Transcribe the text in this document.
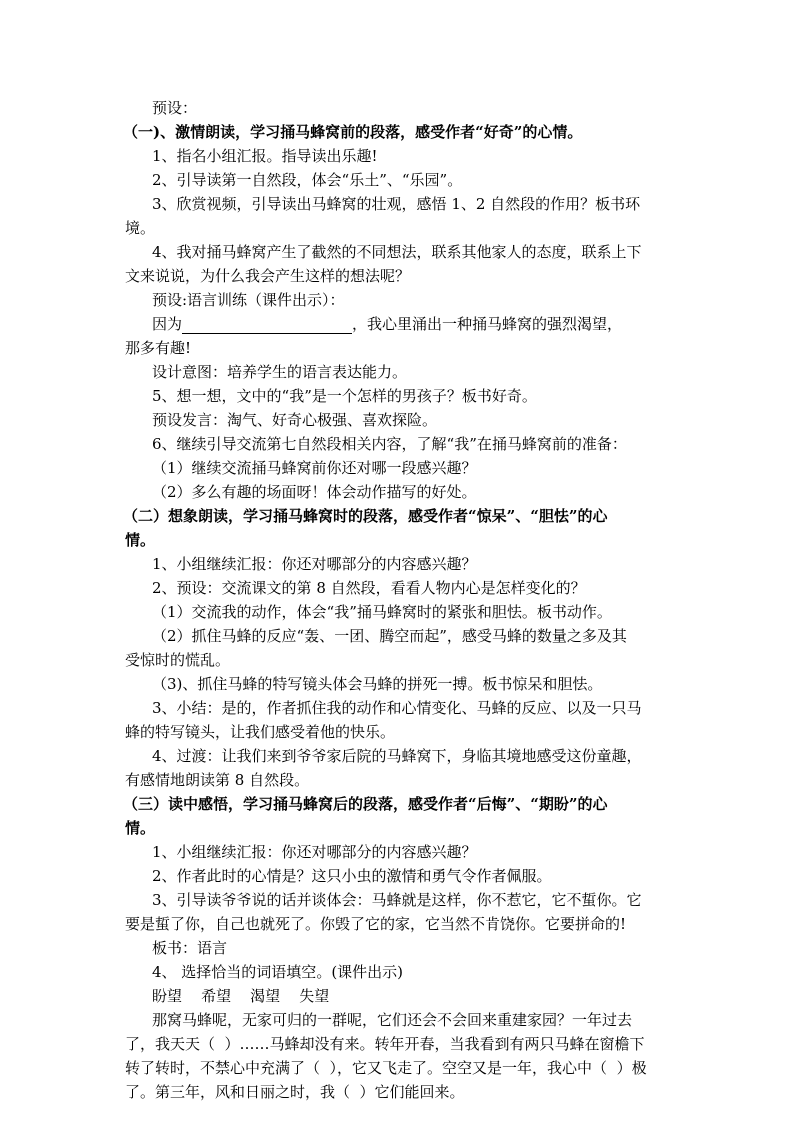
预设：
（一)、激情朗读，学习捅马蜂窝前的段落，感受作者“好奇”的心情。
1、指名小组汇报。指导读出乐趣!
2、引导读第一自然段，体会“乐土”、“乐园”。
3、欣赏视频，引导读出马蜂窝的壮观，感悟 1、2 自然段的作用？板书环
境。
4、我对捅马蜂窝产生了截然的不同想法，联系其他家人的态度，联系上下
文来说说，为什么我会产生这样的想法呢？
预设:语言训练（课件出示）：
因为	，我心里涌出一种捅马蜂窝的强烈渴望，
那多有趣!
设计意图：培养学生的语言表达能力。
5、想一想，文中的“我”是一个怎样的男孩子？板书好奇。
预设发言：淘气、好奇心极强、喜欢探险。
6、继续引导交流第七自然段相关内容，了解“我”在捅马蜂窝前的准备：
（1）继续交流捅马蜂窝前你还对哪一段感兴趣？
（2）多么有趣的场面呀！体会动作描写的好处。
（二）想象朗读，学习捅马蜂窝时的段落，感受作者“惊呆”、“胆怯”的心
情。
1、小组继续汇报：你还对哪部分的内容感兴趣？
2、预设：交流课文的第 8 自然段，看看人物内心是怎样变化的？
（1）交流我的动作，体会“我”捅马蜂窝时的紧张和胆怯。板书动作。
（2）抓住马蜂的反应“轰、一团、腾空而起”，感受马蜂的数量之多及其
受惊时的慌乱。
（3)、抓住马蜂的特写镜头体会马蜂的拼死一搏。板书惊呆和胆怯。
3、小结：是的，作者抓住我的动作和心情变化、马蜂的反应、以及一只马
蜂的特写镜头，让我们感受着他的快乐。
4、过渡：让我们来到爷爷家后院的马蜂窝下，身临其境地感受这份童趣，
有感情地朗读第 8 自然段。
（三）读中感悟，学习捅马蜂窝后的段落，感受作者“后悔”、“期盼”的心
情。
1、小组继续汇报：你还对哪部分的内容感兴趣？
2、作者此时的心情是？这只小虫的激情和勇气令作者佩服。
3、引导读爷爷说的话并谈体会：马蜂就是这样，你不惹它，它不蜇你。它
要是蜇了你，自己也就死了。你毁了它的家，它当然不肯饶你。它要拼命的!
板书：语言
4、 选择恰当的词语填空。(课件出示)
盼望    希望    渴望    失望
那窝马蜂呢，无家可归的一群呢，它们还会不会回来重建家园？一年过去
了，我天天（  ）……马蜂却没有来。转年开春，当我看到有两只马蜂在窗檐下
转了转时，不禁心中充满了（  ），它又飞走了。空空又是一年，我心中（  ）极
了。第三年，风和日丽之时，我（  ）它们能回来。
